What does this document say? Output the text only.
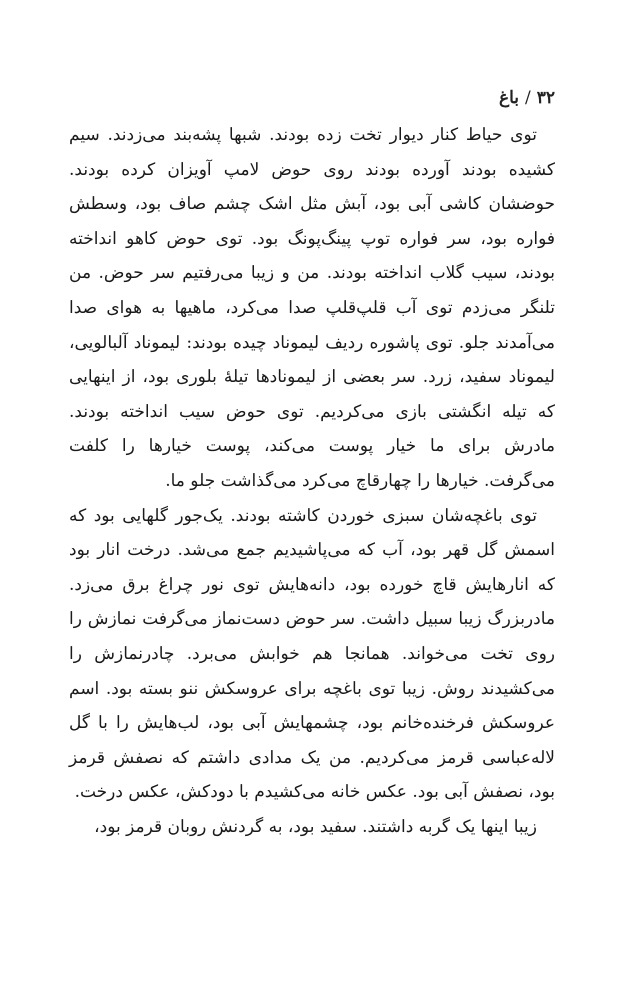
۳۲/باغ

توی حیاط کنار دیوار تخت زده بودند. شبها پشه‌بند می‌زدند. سیم کشیده بودند آورده بودند روی حوض لامپ آویزان کرده بودند. حوضشان کاشی آبی بود، آبش مثل اشک چشم صاف بود، وسطش فواره بود، سر فواره توپ پینگ‌پونگ بود. توی حوض کاهو انداخته بودند، سیب گلاب انداخته بودند. من و زیبا می‌رفتیم سر حوض. من تلنگر می‌زدم توی آب قلپ‌قلپ صدا می‌کرد، ماهیها به هوای صدا می‌آمدند جلو. توی پاشوره ردیف لیموناد چیده بودند: لیموناد آلبالویی، لیموناد سفید، زرد. سر بعضی از لیمونادها تیلهٔ بلوری بود، از اینهایی که تیله انگشتی بازی می‌کردیم. توی حوض سیب انداخته بودند. مادرش برای ما خیار پوست می‌کند، پوست خیارها را کلفت می‌گرفت. خیارها را چهارقاچ می‌کرد می‌گذاشت جلو ما.

توی باغچه‌شان سبزی خوردن کاشته بودند. یک‌جور گلهایی بود که اسمش گل قهر بود، آب که می‌پاشیدیم جمع می‌شد. درخت انار بود که انارهایش قاچ خورده بود، دانه‌هایش توی نور چراغ برق می‌زد. مادربزرگ زیبا سبیل داشت. سر حوض دست‌نماز می‌گرفت نمازش را روی تخت می‌خواند. همانجا هم خوابش می‌برد. چادرنمازش را می‌کشیدند روش. زیبا توی باغچه برای عروسکش ننو بسته بود. اسم عروسکش فرخنده‌خانم بود، چشمهایش آبی بود، لب‌هایش را با گل لاله‌عباسی قرمز می‌کردیم. من یک مدادی داشتم که نصفش قرمز بود، نصفش آبی بود. عکس خانه می‌کشیدم با دودکش، عکس درخت.

زیبا اینها یک گربه داشتند. سفید بود، به گردنش روبان قرمز بود،
